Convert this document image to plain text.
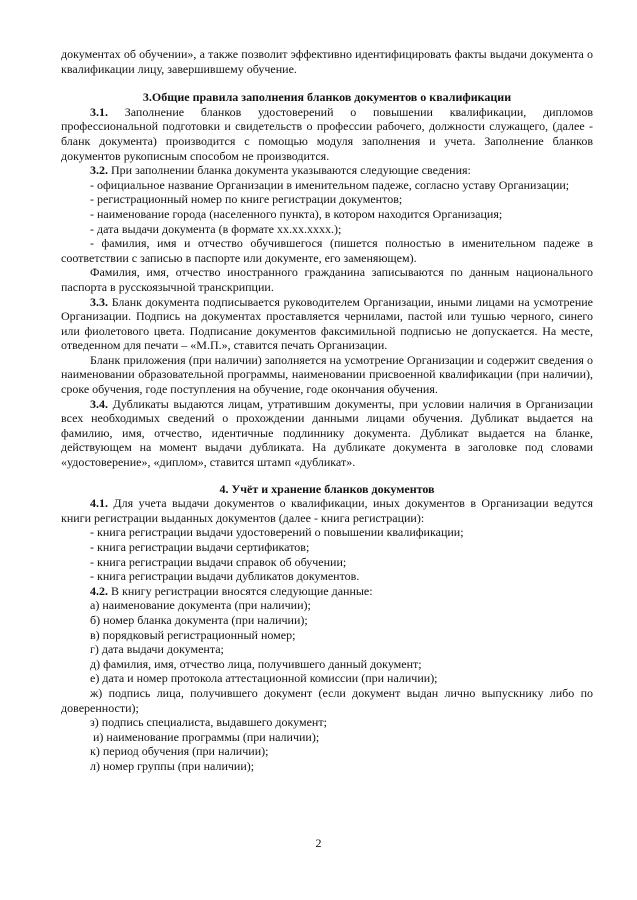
документах об обучении», а также позволит эффективно идентифицировать факты выдачи документа о квалификации лицу, завершившему обучение.

3.Общие правила заполнения бланков документов о квалификации

3.1. Заполнение бланков удостоверений о повышении квалификации, дипломов профессиональной подготовки и свидетельств о профессии рабочего, должности служащего, (далее - бланк документа) производится с помощью модуля заполнения и учета. Заполнение бланков документов рукописным способом не производится.

3.2. При заполнении бланка документа указываются следующие сведения:

- официальное название Организации в именительном падеже, согласно уставу Организации;

- регистрационный номер по книге регистрации документов;

- наименование города (населенного пункта), в котором находится Организация;

- дата выдачи документа (в формате хх.хх.хххх.);

- фамилия, имя и отчество обучившегося (пишется полностью в именительном падеже в соответствии с записью в паспорте или документе, его заменяющем).

Фамилия, имя, отчество иностранного гражданина записываются по данным национального паспорта в русскоязычной транскрипции.

3.3. Бланк документа подписывается руководителем Организации, иными лицами на усмотрение Организации. Подпись на документах проставляется чернилами, пастой или тушью черного, синего или фиолетового цвета. Подписание документов факсимильной подписью не допускается. На месте, отведенном для печати – «М.П.», ставится печать Организации.

Бланк приложения (при наличии) заполняется на усмотрение Организации и содержит сведения о наименовании образовательной программы, наименовании присвоенной квалификации (при наличии), сроке обучения, годе поступления на обучение, годе окончания обучения.

3.4. Дубликаты выдаются лицам, утратившим документы, при условии наличия в Организации всех необходимых сведений о прохождении данными лицами обучения. Дубликат выдается на фамилию, имя, отчество, идентичные подлиннику документа. Дубликат выдается на бланке, действующем на момент выдачи дубликата. На дубликате документа в заголовке под словами «удостоверение», «диплом», ставится штамп «дубликат».

4. Учёт и хранение бланков документов

4.1. Для учета выдачи документов о квалификации, иных документов в Организации ведутся книги регистрации выданных документов (далее - книга регистрации):

- книга регистрации выдачи удостоверений о повышении квалификации;

- книга регистрации выдачи сертификатов;

- книга регистрации выдачи справок об обучении;

- книга регистрации выдачи дубликатов документов.

4.2. В книгу регистрации вносятся следующие данные:

а) наименование документа (при наличии);

б) номер бланка документа (при наличии);

в) порядковый регистрационный номер;

г) дата выдачи документа;

д) фамилия, имя, отчество лица, получившего данный документ;

е) дата и номер протокола аттестационной комиссии (при наличии);

ж) подпись лица, получившего документ (если документ выдан лично выпускнику либо по доверенности);

з) подпись специалиста, выдавшего документ;

и) наименование программы (при наличии);

к) период обучения (при наличии);

л) номер группы (при наличии);

2
